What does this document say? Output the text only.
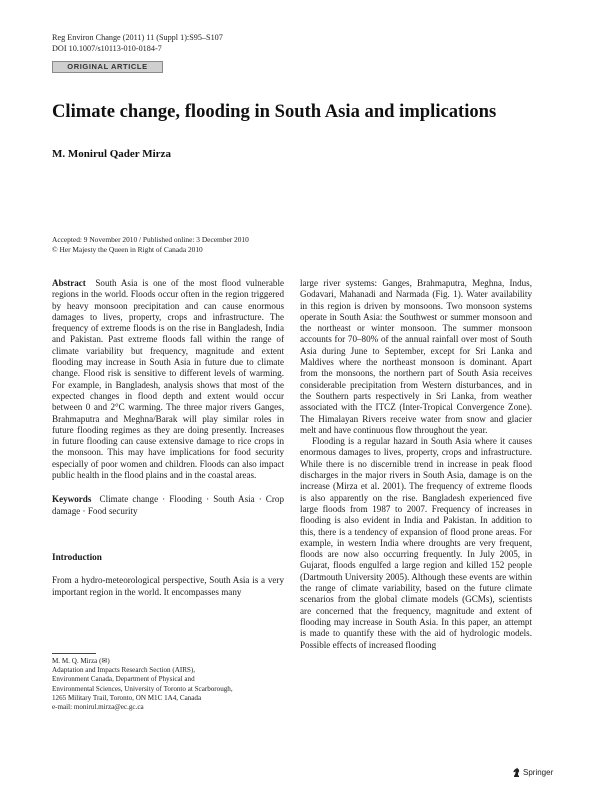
Reg Environ Change (2011) 11 (Suppl 1):S95–S107
DOI 10.1007/s10113-010-0184-7
ORIGINAL ARTICLE
Climate change, flooding in South Asia and implications
M. Monirul Qader Mirza
Accepted: 9 November 2010 / Published online: 3 December 2010
© Her Majesty the Queen in Right of Canada 2010

Abstract South Asia is one of the most flood vulnerable regions in the world. Floods occur often in the region triggered by heavy monsoon precipitation and can cause enormous damages to lives, property, crops and infrastructure. The frequency of extreme floods is on the rise in Bangladesh, India and Pakistan. Past extreme floods fall within the range of climate variability but frequency, magnitude and extent flooding may increase in South Asia in future due to climate change. Flood risk is sensitive to different levels of warming. For example, in Bangladesh, analysis shows that most of the expected changes in flood depth and extent would occur between 0 and 2°C warming. The three major rivers Ganges, Brahmaputra and Meghna/Barak will play similar roles in future flooding regimes as they are doing presently. Increases in future flooding can cause extensive damage to rice crops in the monsoon. This may have implications for food security especially of poor women and children. Floods can also impact public health in the flood plains and in the coastal areas.

Keywords Climate change · Flooding · South Asia · Crop damage · Food security

Introduction

From a hydro-meteorological perspective, South Asia is a very important region in the world. It encompasses many

M. M. Q. Mirza (✉)
Adaptation and Impacts Research Section (AIRS),
Environment Canada, Department of Physical and
Environmental Sciences, University of Toronto at Scarborough,
1265 Military Trail, Toronto, ON M1C 1A4, Canada
e-mail: monirul.mirza@ec.gc.ca

large river systems: Ganges, Brahmaputra, Meghna, Indus, Godavari, Mahanadi and Narmada (Fig. 1). Water availability in this region is driven by monsoons. Two monsoon systems operate in South Asia: the Southwest or summer monsoon and the northeast or winter monsoon. The summer monsoon accounts for 70–80% of the annual rainfall over most of South Asia during June to September, except for Sri Lanka and Maldives where the northeast monsoon is dominant. Apart from the monsoons, the northern part of South Asia receives considerable precipitation from Western disturbances, and in the Southern parts respectively in Sri Lanka, from weather associated with the ITCZ (Inter-Tropical Convergence Zone). The Himalayan Rivers receive water from snow and glacier melt and have continuous flow throughout the year.

Flooding is a regular hazard in South Asia where it causes enormous damages to lives, property, crops and infrastructure. While there is no discernible trend in increase in peak flood discharges in the major rivers in South Asia, damage is on the increase (Mirza et al. 2001). The frequency of extreme floods is also apparently on the rise. Bangladesh experienced five large floods from 1987 to 2007. Frequency of increases in flooding is also evident in India and Pakistan. In addition to this, there is a tendency of expansion of flood prone areas. For example, in western India where droughts are very frequent, floods are now also occurring frequently. In July 2005, in Gujarat, floods engulfed a large region and killed 152 people (Dartmouth University 2005). Although these events are within the range of climate variability, based on the future climate scenarios from the global climate models (GCMs), scientists are concerned that the frequency, magnitude and extent of flooding may increase in South Asia. In this paper, an attempt is made to quantify these with the aid of hydrologic models. Possible effects of increased flooding

Springer
